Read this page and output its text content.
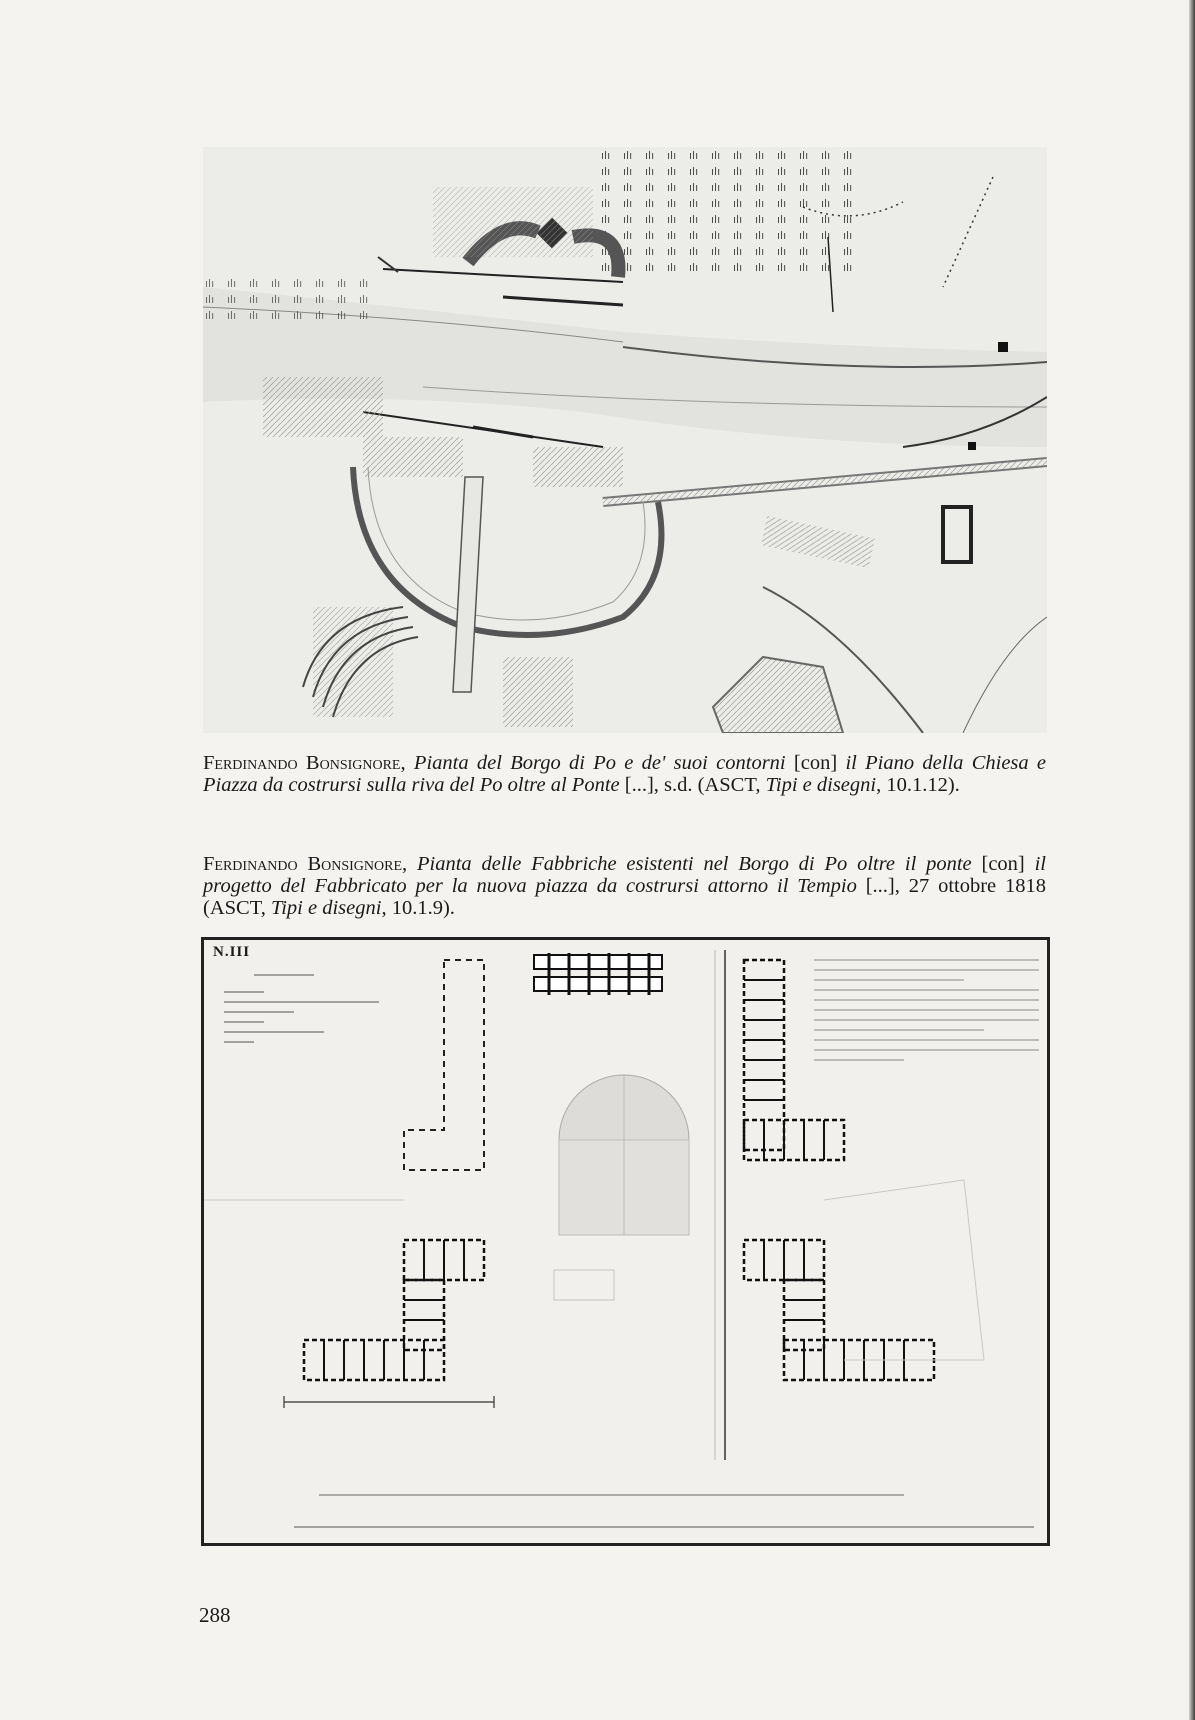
Ferdinando Bonsignore, Pianta del Borgo di Po e de' suoi contorni [con] il Piano della Chiesa e Piazza da costrursi sulla riva del Po oltre al Ponte [...], s.d. (ASCT, Tipi e disegni, 10.1.12).
Ferdinando Bonsignore, Pianta delle Fabbriche esistenti nel Borgo di Po oltre il ponte [con] il progetto del Fabbricato per la nuova piazza da costrursi attorno il Tempio [...], 27 ottobre 1818 (ASCT, Tipi e disegni, 10.1.9).
N.III
288
